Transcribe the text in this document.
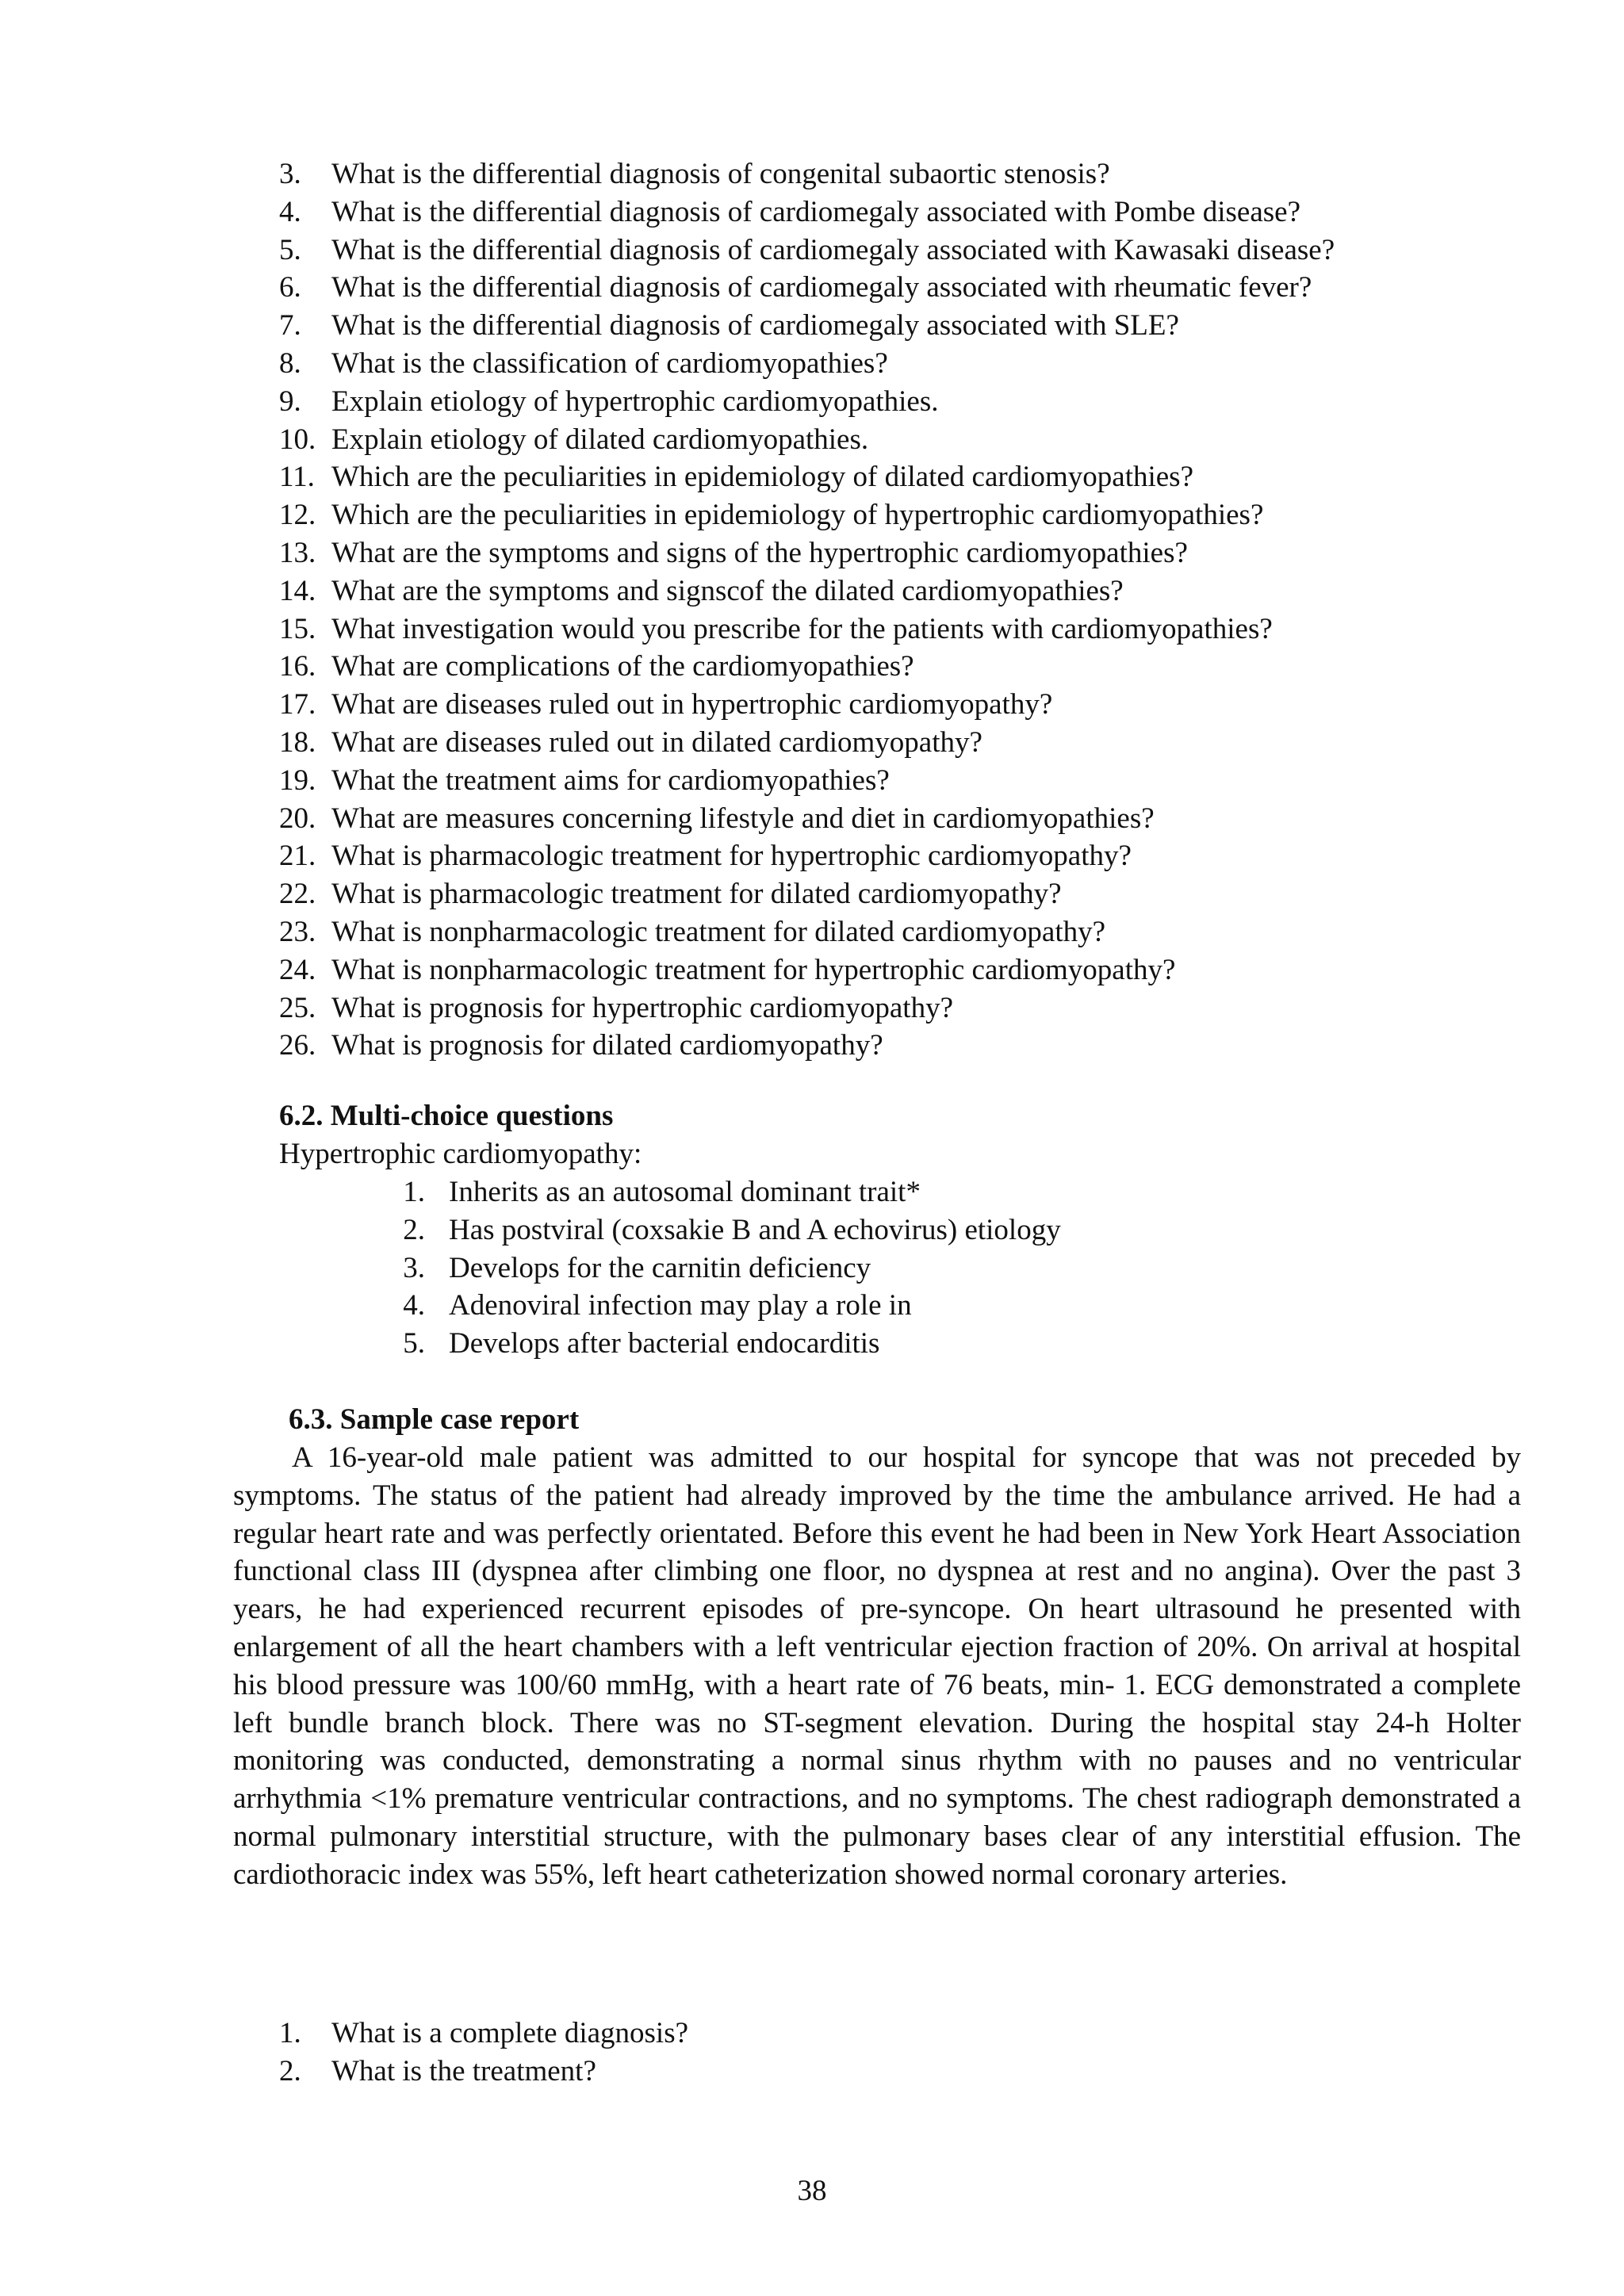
3. What is the differential diagnosis of congenital subaortic stenosis?
4. What is the differential diagnosis of cardiomegaly associated with Pombe disease?
5. What is the differential diagnosis of cardiomegaly associated with Kawasaki disease?
6. What is the differential diagnosis of cardiomegaly associated with rheumatic fever?
7. What is the differential diagnosis of cardiomegaly associated with SLE?
8. What is the classification of cardiomyopathies?
9. Explain etiology of hypertrophic cardiomyopathies.
10. Explain etiology of dilated cardiomyopathies.
11. Which are the peculiarities in epidemiology of dilated cardiomyopathies?
12. Which are the peculiarities in epidemiology of hypertrophic cardiomyopathies?
13. What are the symptoms and signs of the hypertrophic cardiomyopathies?
14. What are the symptoms and signscof the dilated cardiomyopathies?
15. What investigation would you prescribe for the patients with cardiomyopathies?
16. What are complications of the cardiomyopathies?
17. What are diseases ruled out in hypertrophic cardiomyopathy?
18. What are diseases ruled out in dilated cardiomyopathy?
19. What the treatment aims for cardiomyopathies?
20. What are measures concerning lifestyle and diet in cardiomyopathies?
21. What is pharmacologic treatment for hypertrophic cardiomyopathy?
22. What is pharmacologic treatment for dilated cardiomyopathy?
23. What is nonpharmacologic treatment for dilated cardiomyopathy?
24. What is nonpharmacologic treatment for hypertrophic cardiomyopathy?
25. What is prognosis for hypertrophic cardiomyopathy?
26. What is prognosis for dilated cardiomyopathy?
6.2. Multi-choice questions
Hypertrophic cardiomyopathy:
1. Inherits as an autosomal dominant trait*
2. Has postviral (coxsakie B and A echovirus) etiology
3. Develops for the carnitin deficiency
4. Adenoviral infection may play a role in
5. Develops after bacterial endocarditis
6.3. Sample case report

A 16-year-old male patient was admitted to our hospital for syncope that was not preceded by symptoms. The status of the patient had already improved by the time the ambulance arrived. He had a regular heart rate and was perfectly orientated. Before this event he had been in New York Heart Association functional class III (dyspnea after climbing one floor, no dyspnea at rest and no angina). Over the past 3 years, he had experienced recurrent episodes of pre-syncope. On heart ultrasound he presented with enlargement of all the heart chambers with a left ventricular ejection fraction of 20%. On arrival at hospital his blood pressure was 100/60 mmHg, with a heart rate of 76 beats, min- 1. ECG demonstrated a complete left bundle branch block. There was no ST-segment elevation. During the hospital stay 24-h Holter monitoring was conducted, demonstrating a normal sinus rhythm with no pauses and no ventricular arrhythmia <1% premature ventricular contractions, and no symptoms. The chest radiograph demonstrated a normal pulmonary interstitial structure, with the pulmonary bases clear of any interstitial effusion. The cardiothoracic index was 55%, left heart catheterization showed normal coronary arteries.

1. What is a complete diagnosis?
2. What is the treatment?
38
